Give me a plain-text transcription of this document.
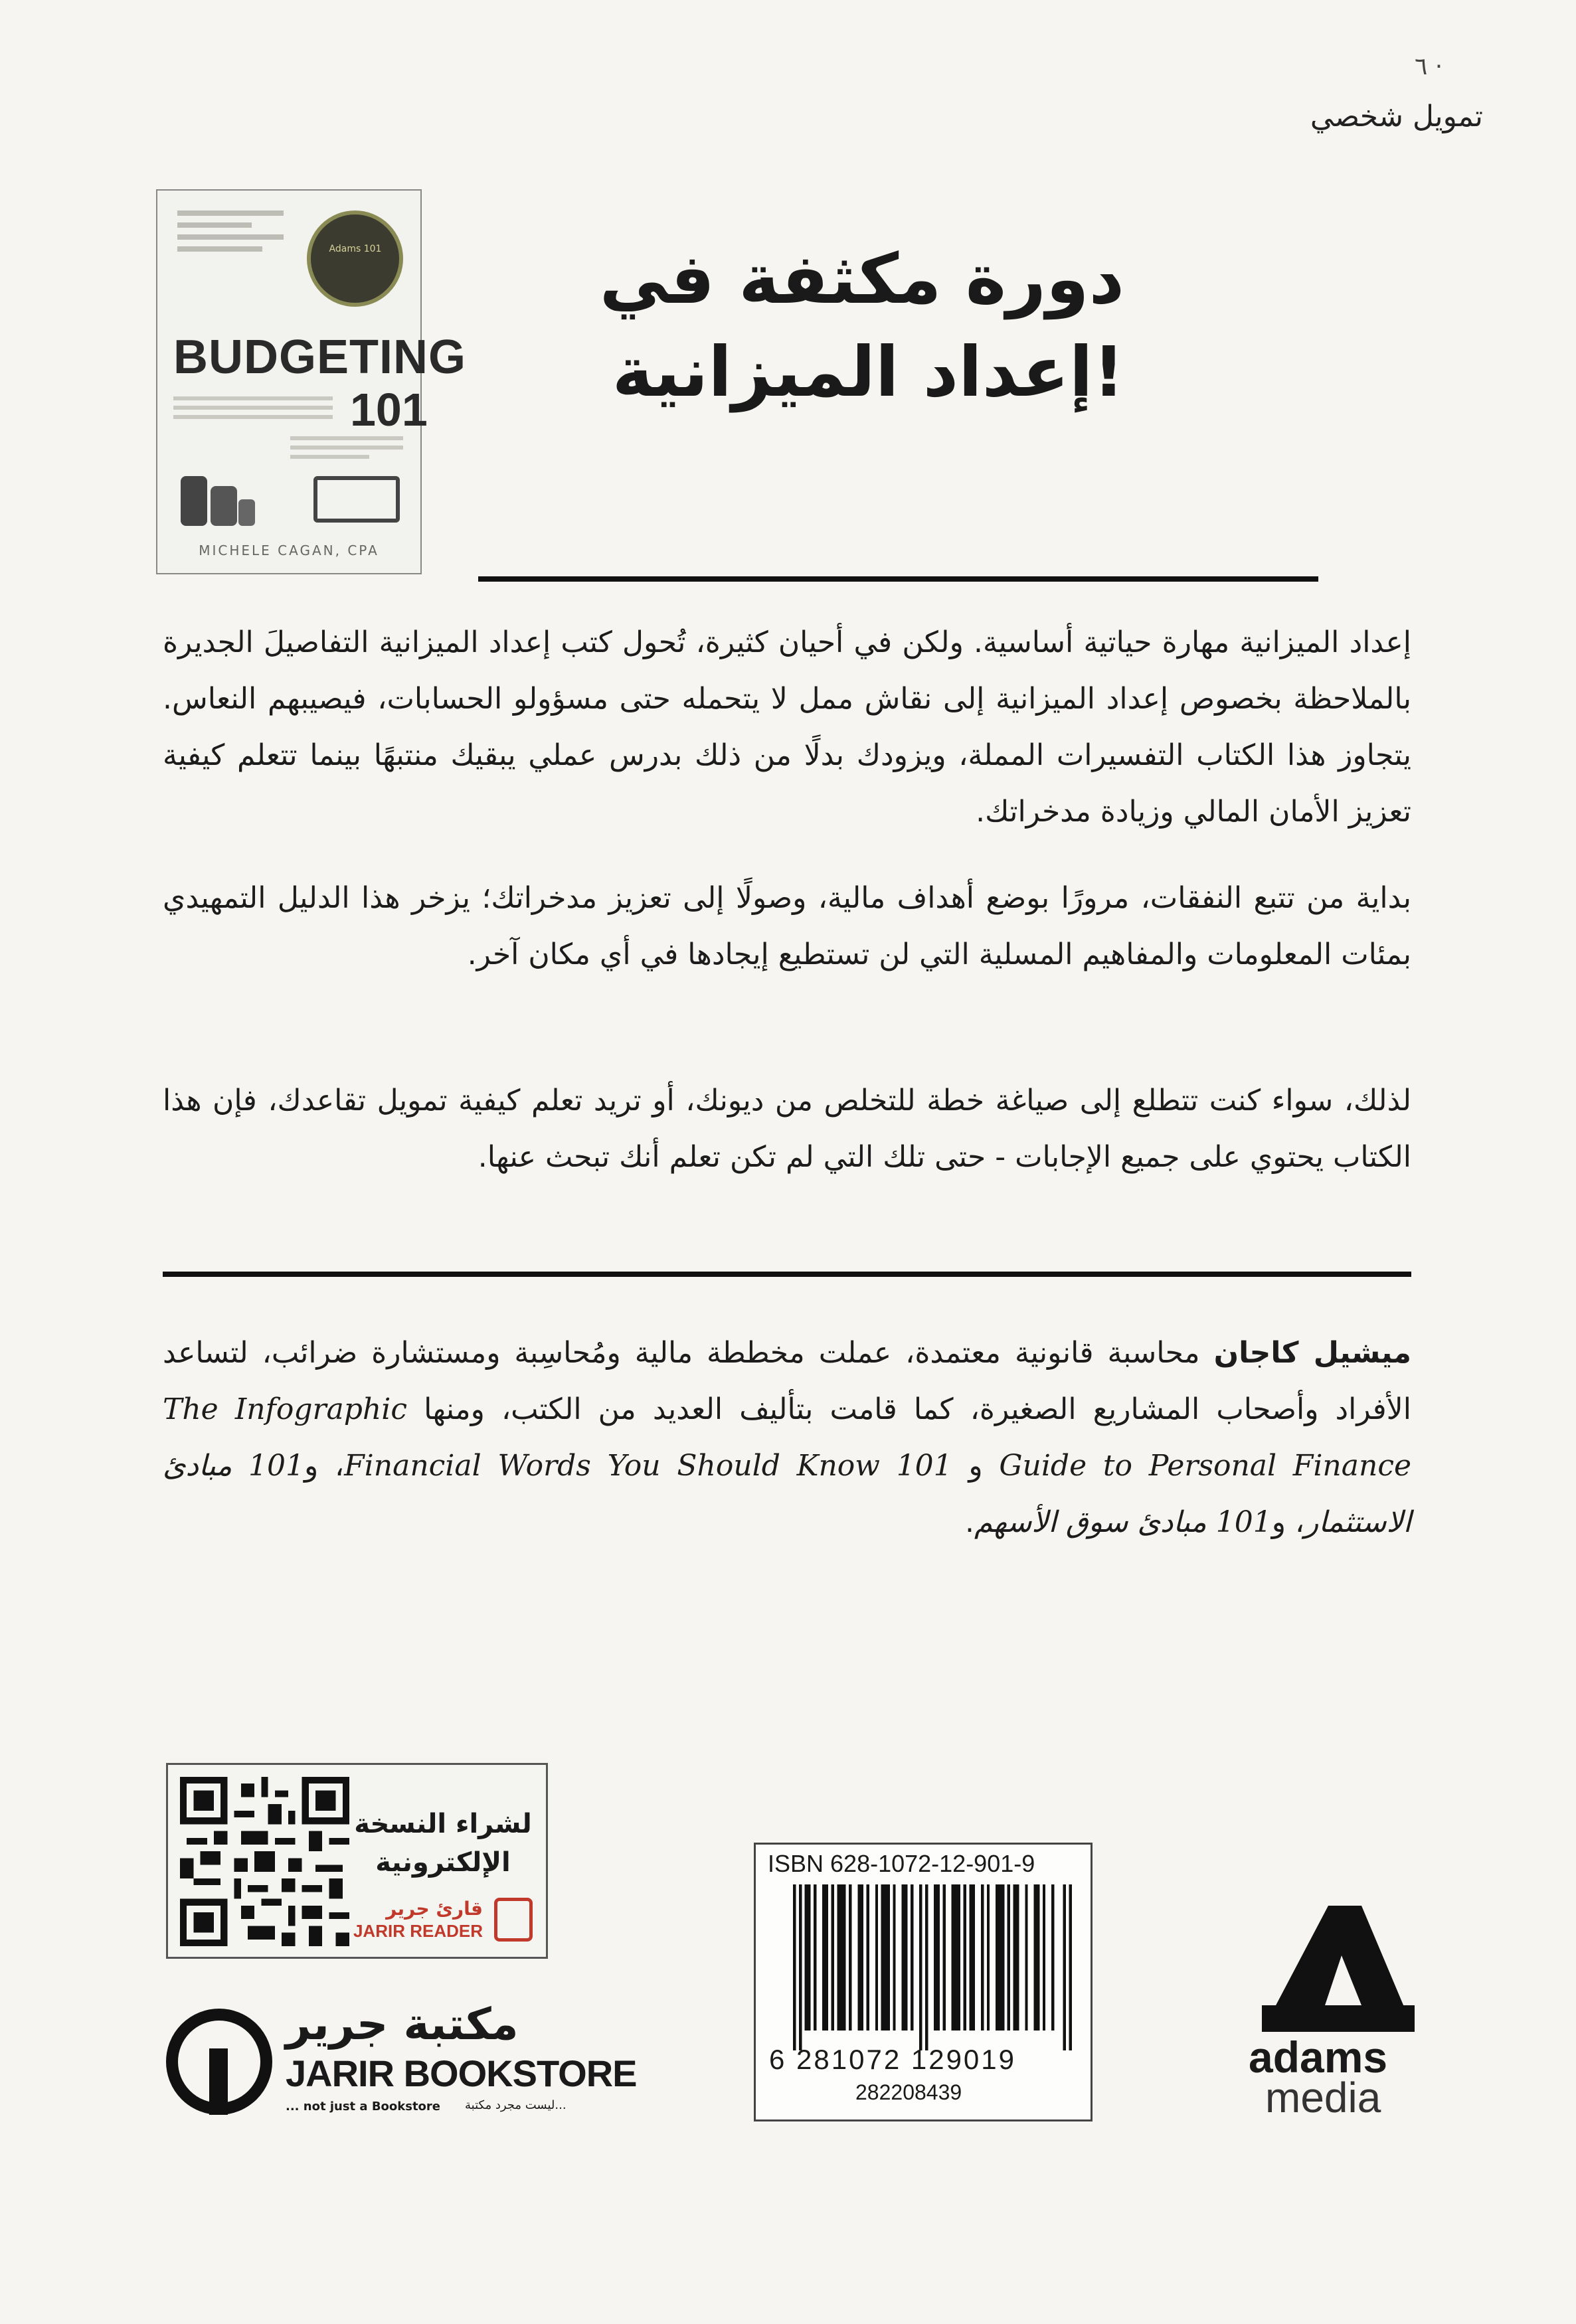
٦ ·
تمويل شخصي
Adams 101
BUDGETING
101
MICHELE CAGAN, CPA
دورة مكثفة في
إعداد الميزانية!
إعداد الميزانية مهارة حياتية أساسية. ولكن في أحيان كثيرة، تُحول كتب إعداد الميزانية التفاصيلَ الجديرة بالملاحظة بخصوص إعداد الميزانية إلى نقاش ممل لا يتحمله حتى مسؤولو الحسابات، فيصيبهم النعاس. يتجاوز هذا الكتاب التفسيرات المملة، ويزودك بدلًا من ذلك بدرس عملي يبقيك منتبهًا بينما تتعلم كيفية تعزيز الأمان المالي وزيادة مدخراتك.
بداية من تتبع النفقات، مرورًا بوضع أهداف مالية، وصولًا إلى تعزيز مدخراتك؛ يزخر هذا الدليل التمهيدي بمئات المعلومات والمفاهيم المسلية التي لن تستطيع إيجادها في أي مكان آخر.
لذلك، سواء كنت تتطلع إلى صياغة خطة للتخلص من ديونك، أو تريد تعلم كيفية تمويل تقاعدك، فإن هذا الكتاب يحتوي على جميع الإجابات - حتى تلك التي لم تكن تعلم أنك تبحث عنها.
ميشيل كاجان محاسبة قانونية معتمدة، عملت مخططة مالية ومُحاسِبة ومستشارة ضرائب، لتساعد الأفراد وأصحاب المشاريع الصغيرة، كما قامت بتأليف العديد من الكتب، ومنها The Infographic Guide to Personal Finance و 101 Financial Words You Should Know، و101 مبادئ الاستثمار، و101 مبادئ سوق الأسهم.
لشراء النسخة الإلكترونية
قارئ جرير
JARIR READER
مكتبة جرير
JARIR BOOKSTORE
... not just a Bookstore ليست مجرد مكتبة...
ISBN 628-1072-12-901-9
6 281072 129019
282208439
adams
media
